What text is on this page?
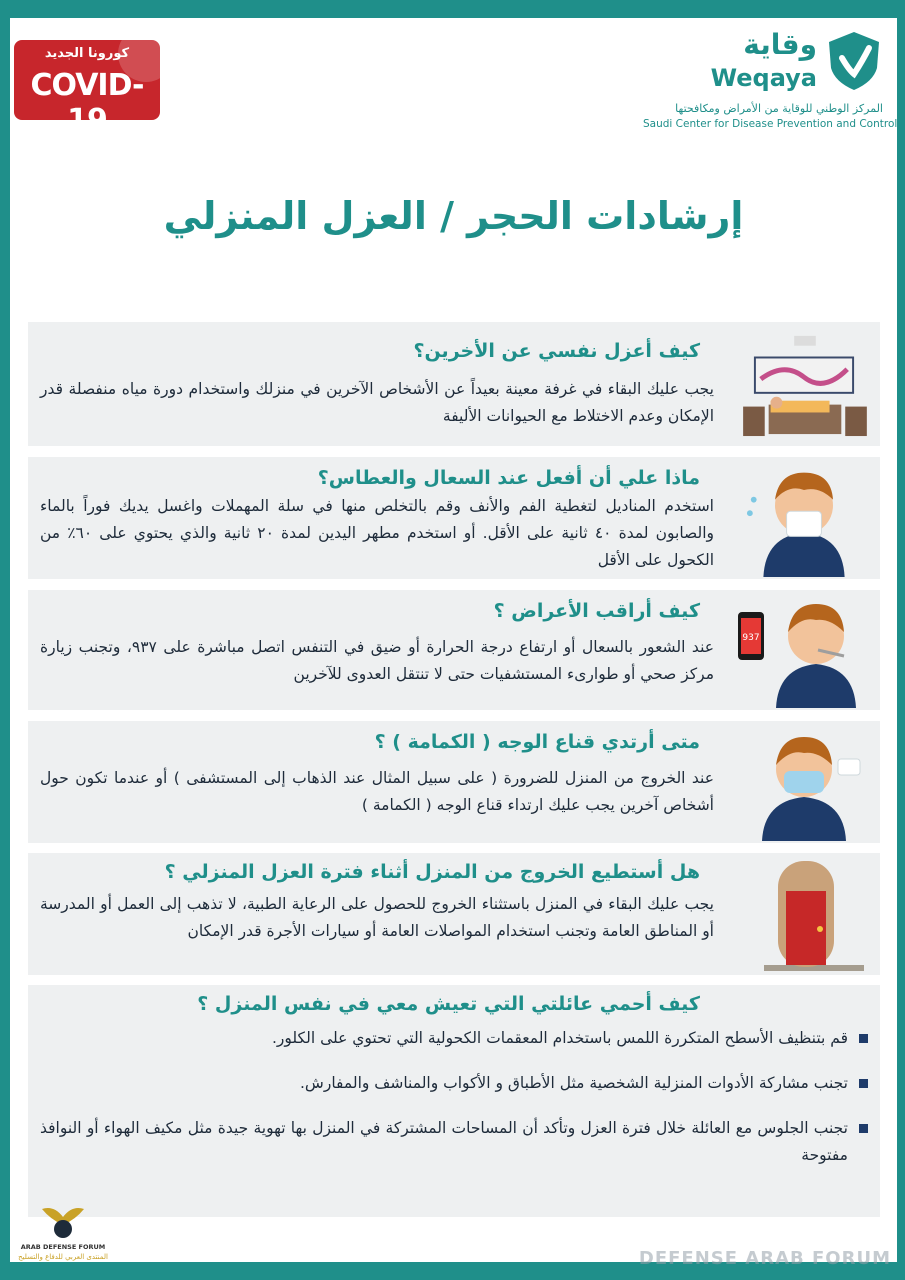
كورونا الجديد
COVID-19
وقاية
Weqaya
المركز الوطني للوقاية من الأمراض ومكافحتها
Saudi Center for Disease Prevention and Control
إرشادات الحجر / العزل المنزلي
كيف أعزل نفسي عن الأخرين؟
يجب عليك البقاء في غرفة معينة بعيداً عن الأشخاص الآخرين في منزلك واستخدام دورة مياه منفصلة قدر الإمكان وعدم الاختلاط مع الحيوانات الأليفة
ماذا علي أن أفعل عند السعال والعطاس؟
استخدم المناديل لتغطية الفم والأنف وقم بالتخلص منها في سلة المهملات واغسل يديك فوراً بالماء والصابون لمدة ٤٠ ثانية على الأقل. أو استخدم مطهر اليدين لمدة ٢٠ ثانية والذي يحتوي على ٦٠٪ من الكحول على الأقل
كيف أراقب الأعراض ؟
عند الشعور بالسعال أو ارتفاع درجة الحرارة أو ضيق في التنفس اتصل مباشرة على ٩٣٧، وتجنب زيارة مركز صحي أو طوارىء المستشفيات حتى لا تنتقل العدوى للآخرين
937
متى أرتدي قناع الوجه ( الكمامة ) ؟
عند الخروج من المنزل للضرورة ( على سبيل المثال عند الذهاب إلى المستشفى ) أو عندما تكون حول أشخاص آخرين يجب عليك ارتداء قناع الوجه ( الكمامة )
هل أستطيع الخروج من المنزل أثناء فترة العزل المنزلي ؟
يجب عليك البقاء في المنزل باستثناء الخروج للحصول على الرعاية الطبية، لا تذهب إلى العمل أو المدرسة أو المناطق العامة وتجنب استخدام المواصلات العامة أو سيارات الأجرة قدر الإمكان
كيف أحمي عائلتي التي تعيش معي في نفس المنزل ؟
قم بتنظيف الأسطح المتكررة اللمس باستخدام المعقمات الكحولية التي تحتوي على الكلور.
تجنب مشاركة الأدوات المنزلية الشخصية مثل الأطباق و الأكواب والمناشف والمفارش.
تجنب الجلوس مع العائلة خلال فترة العزل وتأكد أن المساحات المشتركة في المنزل بها تهوية جيدة مثل مكيف الهواء أو النوافذ مفتوحة
ARAB DEFENSE FORUM
المنتدى العربي للدفاع والتسليح	DEFENSE ARAB FORUM
